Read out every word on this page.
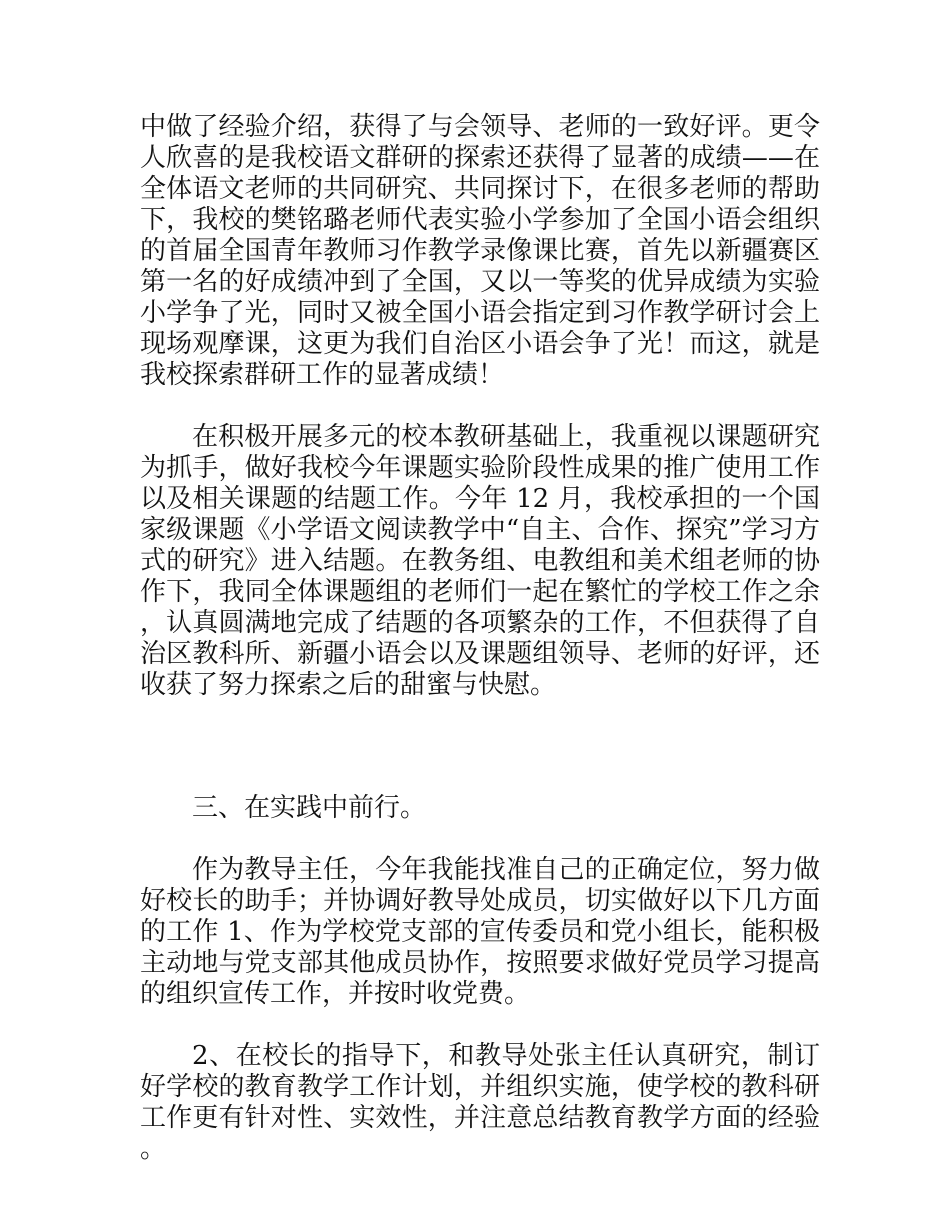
中做了经验介绍，获得了与会领导、老师的一致好评。更令人欣喜的是我校语文群研的探索还获得了显著的成绩——在全体语文老师的共同研究、共同探讨下，在很多老师的帮助下，我校的樊铭璐老师代表实验小学参加了全国小语会组织的首届全国青年教师习作教学录像课比赛，首先以新疆赛区第一名的好成绩冲到了全国，又以一等奖的优异成绩为实验小学争了光，同时又被全国小语会指定到习作教学研讨会上现场观摩课，这更为我们自治区小语会争了光！而这，就是我校探索群研工作的显著成绩！

在积极开展多元的校本教研基础上，我重视以课题研究为抓手，做好我校今年课题实验阶段性成果的推广使用工作以及相关课题的结题工作。今年 12 月，我校承担的一个国家级课题《小学语文阅读教学中“自主、合作、探究”学习方式的研究》进入结题。在教务组、电教组和美术组老师的协作下，我同全体课题组的老师们一起在繁忙的学校工作之余，认真圆满地完成了结题的各项繁杂的工作，不但获得了自治区教科所、新疆小语会以及课题组领导、老师的好评，还收获了努力探索之后的甜蜜与快慰。

三、在实践中前行。

作为教导主任，今年我能找准自己的正确定位，努力做好校长的助手；并协调好教导处成员，切实做好以下几方面的工作 1、作为学校党支部的宣传委员和党小组长，能积极主动地与党支部其他成员协作，按照要求做好党员学习提高的组织宣传工作，并按时收党费。

2、在校长的指导下，和教导处张主任认真研究，制订好学校的教育教学工作计划，并组织实施，使学校的教科研工作更有针对性、实效性，并注意总结教育教学方面的经验。
